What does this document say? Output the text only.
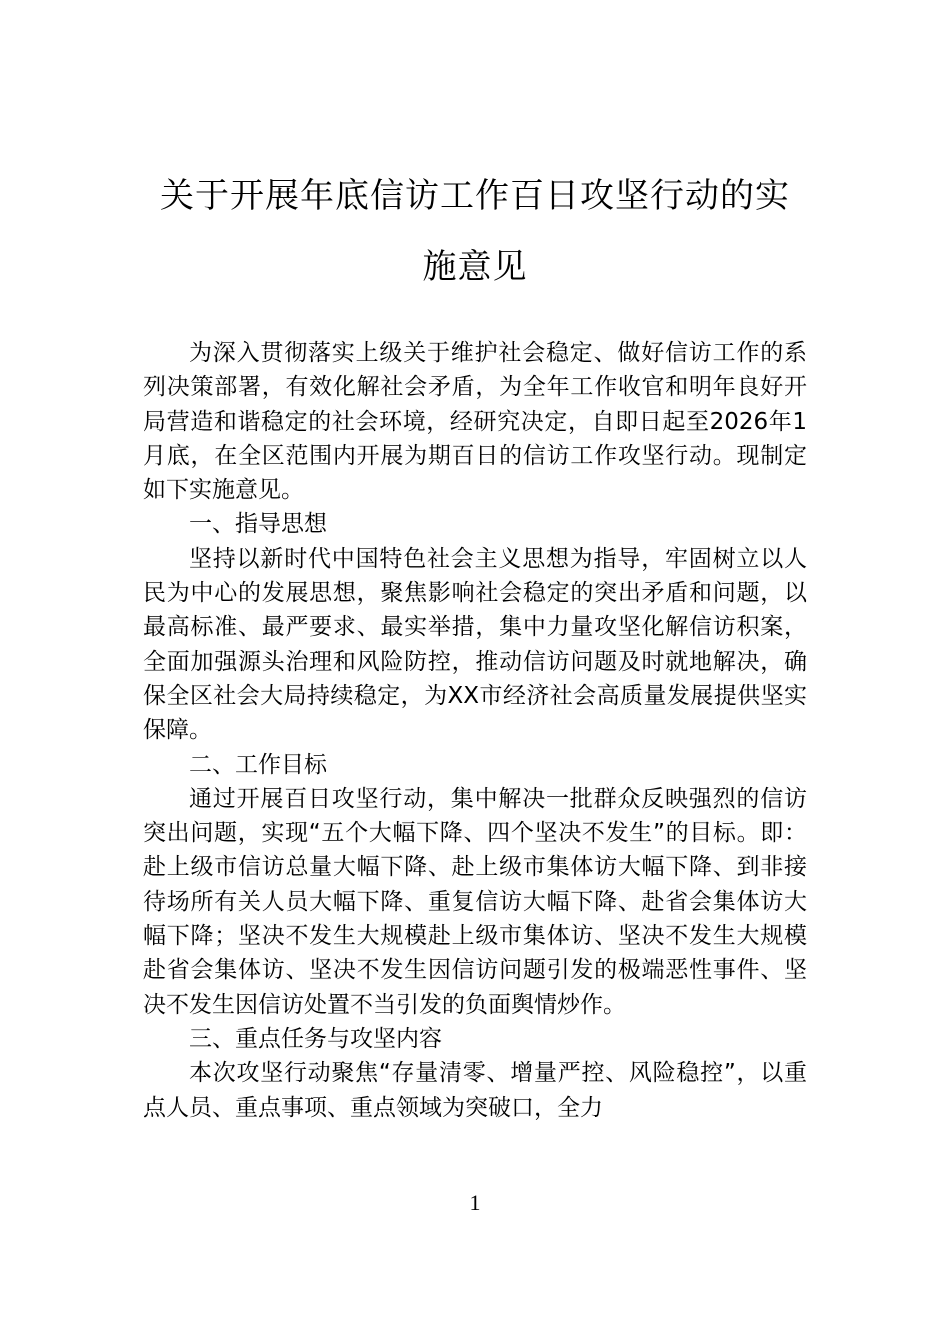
关于开展年底信访工作百日攻坚行动的实
施意见

为深入贯彻落实上级关于维护社会稳定、做好信访工作的系列决策部署，有效化解社会矛盾，为全年工作收官和明年良好开局营造和谐稳定的社会环境，经研究决定，自即日起至2026年1月底，在全区范围内开展为期百日的信访工作攻坚行动。现制定如下实施意见。

一、指导思想

坚持以新时代中国特色社会主义思想为指导，牢固树立以人民为中心的发展思想，聚焦影响社会稳定的突出矛盾和问题，以最高标准、最严要求、最实举措，集中力量攻坚化解信访积案，全面加强源头治理和风险防控，推动信访问题及时就地解决，确保全区社会大局持续稳定，为XX市经济社会高质量发展提供坚实保障。

二、工作目标

通过开展百日攻坚行动，集中解决一批群众反映强烈的信访突出问题，实现“五个大幅下降、四个坚决不发生”的目标。即：赴上级市信访总量大幅下降、赴上级市集体访大幅下降、到非接待场所有关人员大幅下降、重复信访大幅下降、赴省会集体访大幅下降；坚决不发生大规模赴上级市集体访、坚决不发生大规模赴省会集体访、坚决不发生因信访问题引发的极端恶性事件、坚决不发生因信访处置不当引发的负面舆情炒作。

三、重点任务与攻坚内容

本次攻坚行动聚焦“存量清零、增量严控、风险稳控”，以重点人员、重点事项、重点领域为突破口，全力

1
